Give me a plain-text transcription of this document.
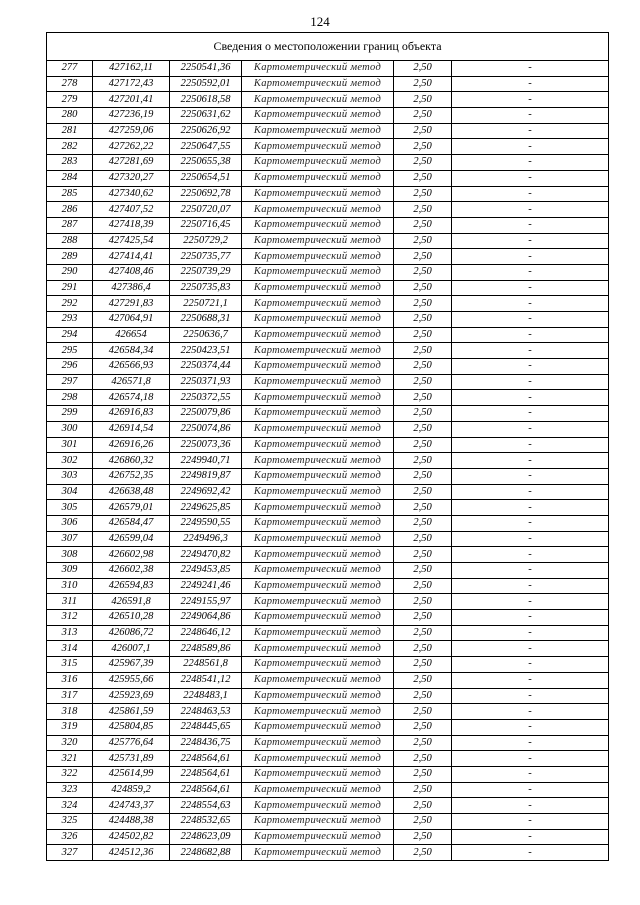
124
Сведения о местоположении границ объекта					
277	427162,11	2250541,36	Картометрический метод	2,50	-
278	427172,43	2250592,01	Картометрический метод	2,50	-
279	427201,41	2250618,58	Картометрический метод	2,50	-
280	427236,19	2250631,62	Картометрический метод	2,50	-
281	427259,06	2250626,92	Картометрический метод	2,50	-
282	427262,22	2250647,55	Картометрический метод	2,50	-
283	427281,69	2250655,38	Картометрический метод	2,50	-
284	427320,27	2250654,51	Картометрический метод	2,50	-
285	427340,62	2250692,78	Картометрический метод	2,50	-
286	427407,52	2250720,07	Картометрический метод	2,50	-
287	427418,39	2250716,45	Картометрический метод	2,50	-
288	427425,54	2250729,2	Картометрический метод	2,50	-
289	427414,41	2250735,77	Картометрический метод	2,50	-
290	427408,46	2250739,29	Картометрический метод	2,50	-
291	427386,4	2250735,83	Картометрический метод	2,50	-
292	427291,83	2250721,1	Картометрический метод	2,50	-
293	427064,91	2250688,31	Картометрический метод	2,50	-
294	426654	2250636,7	Картометрический метод	2,50	-
295	426584,34	2250423,51	Картометрический метод	2,50	-
296	426566,93	2250374,44	Картометрический метод	2,50	-
297	426571,8	2250371,93	Картометрический метод	2,50	-
298	426574,18	2250372,55	Картометрический метод	2,50	-
299	426916,83	2250079,86	Картометрический метод	2,50	-
300	426914,54	2250074,86	Картометрический метод	2,50	-
301	426916,26	2250073,36	Картометрический метод	2,50	-
302	426860,32	2249940,71	Картометрический метод	2,50	-
303	426752,35	2249819,87	Картометрический метод	2,50	-
304	426638,48	2249692,42	Картометрический метод	2,50	-
305	426579,01	2249625,85	Картометрический метод	2,50	-
306	426584,47	2249590,55	Картометрический метод	2,50	-
307	426599,04	2249496,3	Картометрический метод	2,50	-
308	426602,98	2249470,82	Картометрический метод	2,50	-
309	426602,38	2249453,85	Картометрический метод	2,50	-
310	426594,83	2249241,46	Картометрический метод	2,50	-
311	426591,8	2249155,97	Картометрический метод	2,50	-
312	426510,28	2249064,86	Картометрический метод	2,50	-
313	426086,72	2248646,12	Картометрический метод	2,50	-
314	426007,1	2248589,86	Картометрический метод	2,50	-
315	425967,39	2248561,8	Картометрический метод	2,50	-
316	425955,66	2248541,12	Картометрический метод	2,50	-
317	425923,69	2248483,1	Картометрический метод	2,50	-
318	425861,59	2248463,53	Картометрический метод	2,50	-
319	425804,85	2248445,65	Картометрический метод	2,50	-
320	425776,64	2248436,75	Картометрический метод	2,50	-
321	425731,89	2248564,61	Картометрический метод	2,50	-
322	425614,99	2248564,61	Картометрический метод	2,50	-
323	424859,2	2248564,61	Картометрический метод	2,50	-
324	424743,37	2248554,63	Картометрический метод	2,50	-
325	424488,38	2248532,65	Картометрический метод	2,50	-
326	424502,82	2248623,09	Картометрический метод	2,50	-
327	424512,36	2248682,88	Картометрический метод	2,50	-
